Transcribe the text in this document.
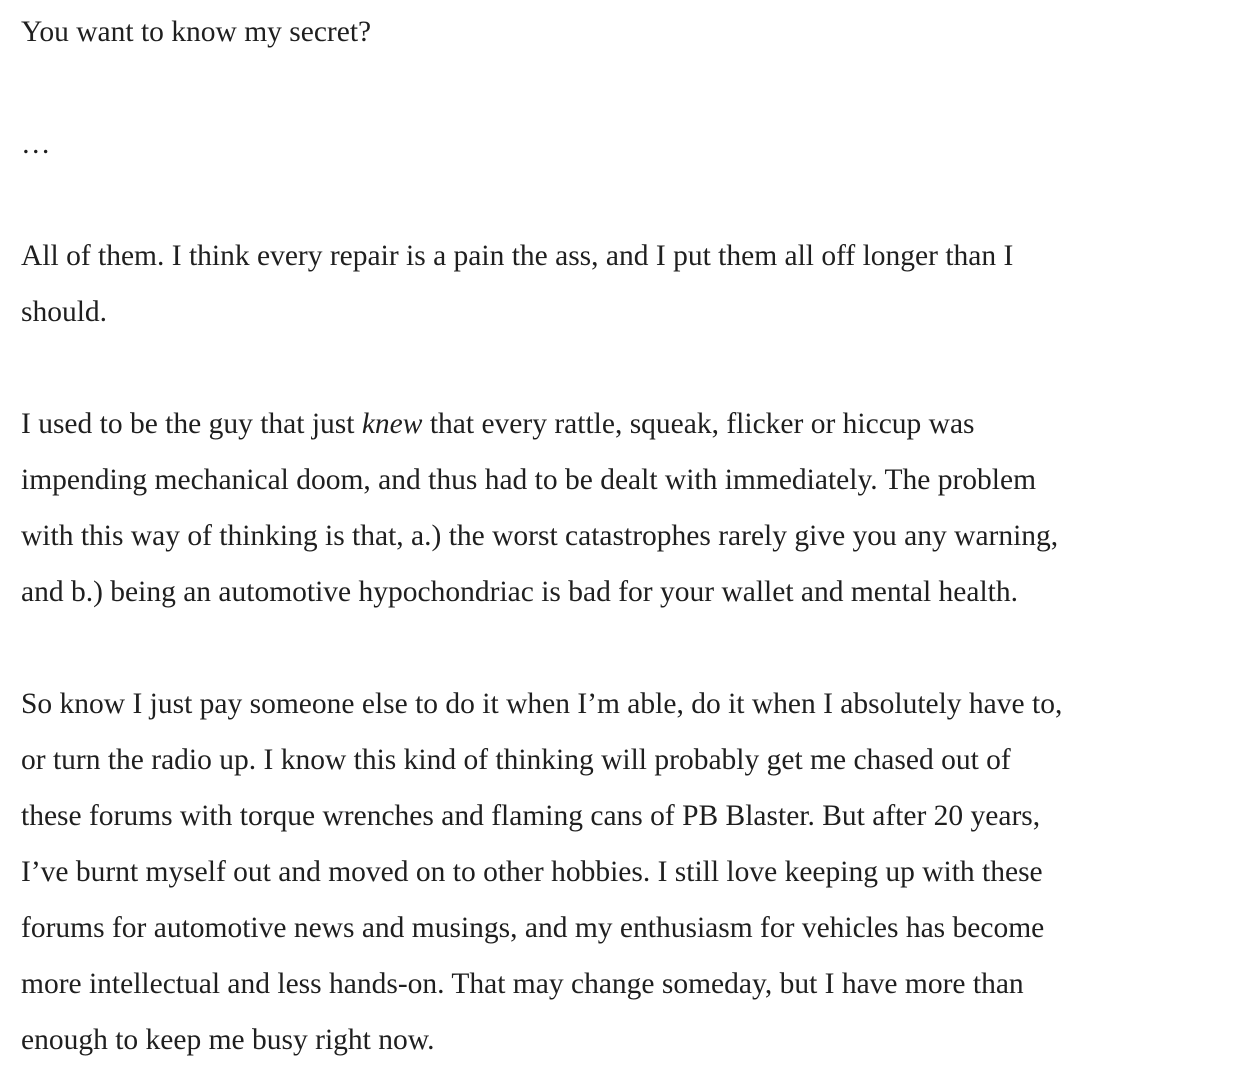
You want to know my secret?

…

All of them. I think every repair is a pain the ass, and I put them all off longer than I
should.

I used to be the guy that just knew that every rattle, squeak, flicker or hiccup was
impending mechanical doom, and thus had to be dealt with immediately. The problem
with this way of thinking is that, a.) the worst catastrophes rarely give you any warning,
and b.) being an automotive hypochondriac is bad for your wallet and mental health.

So know I just pay someone else to do it when I’m able, do it when I absolutely have to,
or turn the radio up. I know this kind of thinking will probably get me chased out of
these forums with torque wrenches and flaming cans of PB Blaster. But after 20 years,
I’ve burnt myself out and moved on to other hobbies. I still love keeping up with these
forums for automotive news and musings, and my enthusiasm for vehicles has become
more intellectual and less hands-on. That may change someday, but I have more than
enough to keep me busy right now.
